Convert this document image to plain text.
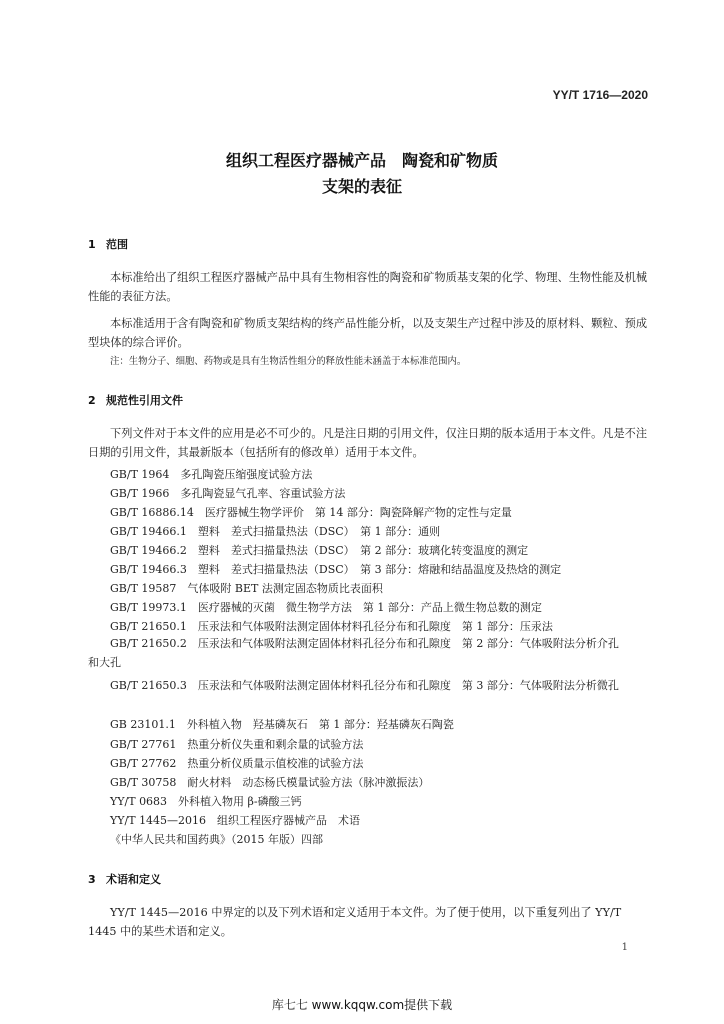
YY/T 1716—2020
组织工程医疗器械产品　陶瓷和矿物质
支架的表征
1 范围
本标准给出了组织工程医疗器械产品中具有生物相容性的陶瓷和矿物质基支架的化学、物理、生物性能及机械性能的表征方法。
本标准适用于含有陶瓷和矿物质支架结构的终产品性能分析，以及支架生产过程中涉及的原材料、颗粒、预成型块体的综合评价。
注：生物分子、细胞、药物或是具有生物活性组分的释放性能未涵盖于本标准范围内。
2 规范性引用文件
下列文件对于本文件的应用是必不可少的。凡是注日期的引用文件，仅注日期的版本适用于本文件。凡是不注日期的引用文件，其最新版本（包括所有的修改单）适用于本文件。
GB/T 1964　多孔陶瓷压缩强度试验方法
GB/T 1966　多孔陶瓷显气孔率、容重试验方法
GB/T 16886.14　医疗器械生物学评价　第 14 部分：陶瓷降解产物的定性与定量
GB/T 19466.1　塑料　差式扫描量热法（DSC）　第 1 部分：通则
GB/T 19466.2　塑料　差式扫描量热法（DSC）　第 2 部分：玻璃化转变温度的测定
GB/T 19466.3　塑料　差式扫描量热法（DSC）　第 3 部分：熔融和结晶温度及热焓的测定
GB/T 19587　气体吸附 BET 法测定固态物质比表面积
GB/T 19973.1　医疗器械的灭菌　微生物学方法　第 1 部分：产品上微生物总数的测定
GB/T 21650.1　压汞法和气体吸附法测定固体材料孔径分布和孔隙度　第 1 部分：压汞法
GB/T 21650.2　压汞法和气体吸附法测定固体材料孔径分布和孔隙度　第 2 部分：气体吸附法分析介孔和大孔
GB/T 21650.3　压汞法和气体吸附法测定固体材料孔径分布和孔隙度　第 3 部分：气体吸附法分析微孔
GB 23101.1　外科植入物　羟基磷灰石　第 1 部分：羟基磷灰石陶瓷
GB/T 27761　热重分析仪失重和剩余量的试验方法
GB/T 27762　热重分析仪质量示值校准的试验方法
GB/T 30758　耐火材料　动态杨氏模量试验方法（脉冲激振法）
YY/T 0683　外科植入物用 β-磷酸三钙
YY/T 1445—2016　组织工程医疗器械产品　术语
《中华人民共和国药典》（2015 年版）四部
3 术语和定义
YY/T 1445—2016 中界定的以及下列术语和定义适用于本文件。为了便于使用，以下重复列出了 YY/T 1445 中的某些术语和定义。
1
库七七 www.kqqw.com提供下载
